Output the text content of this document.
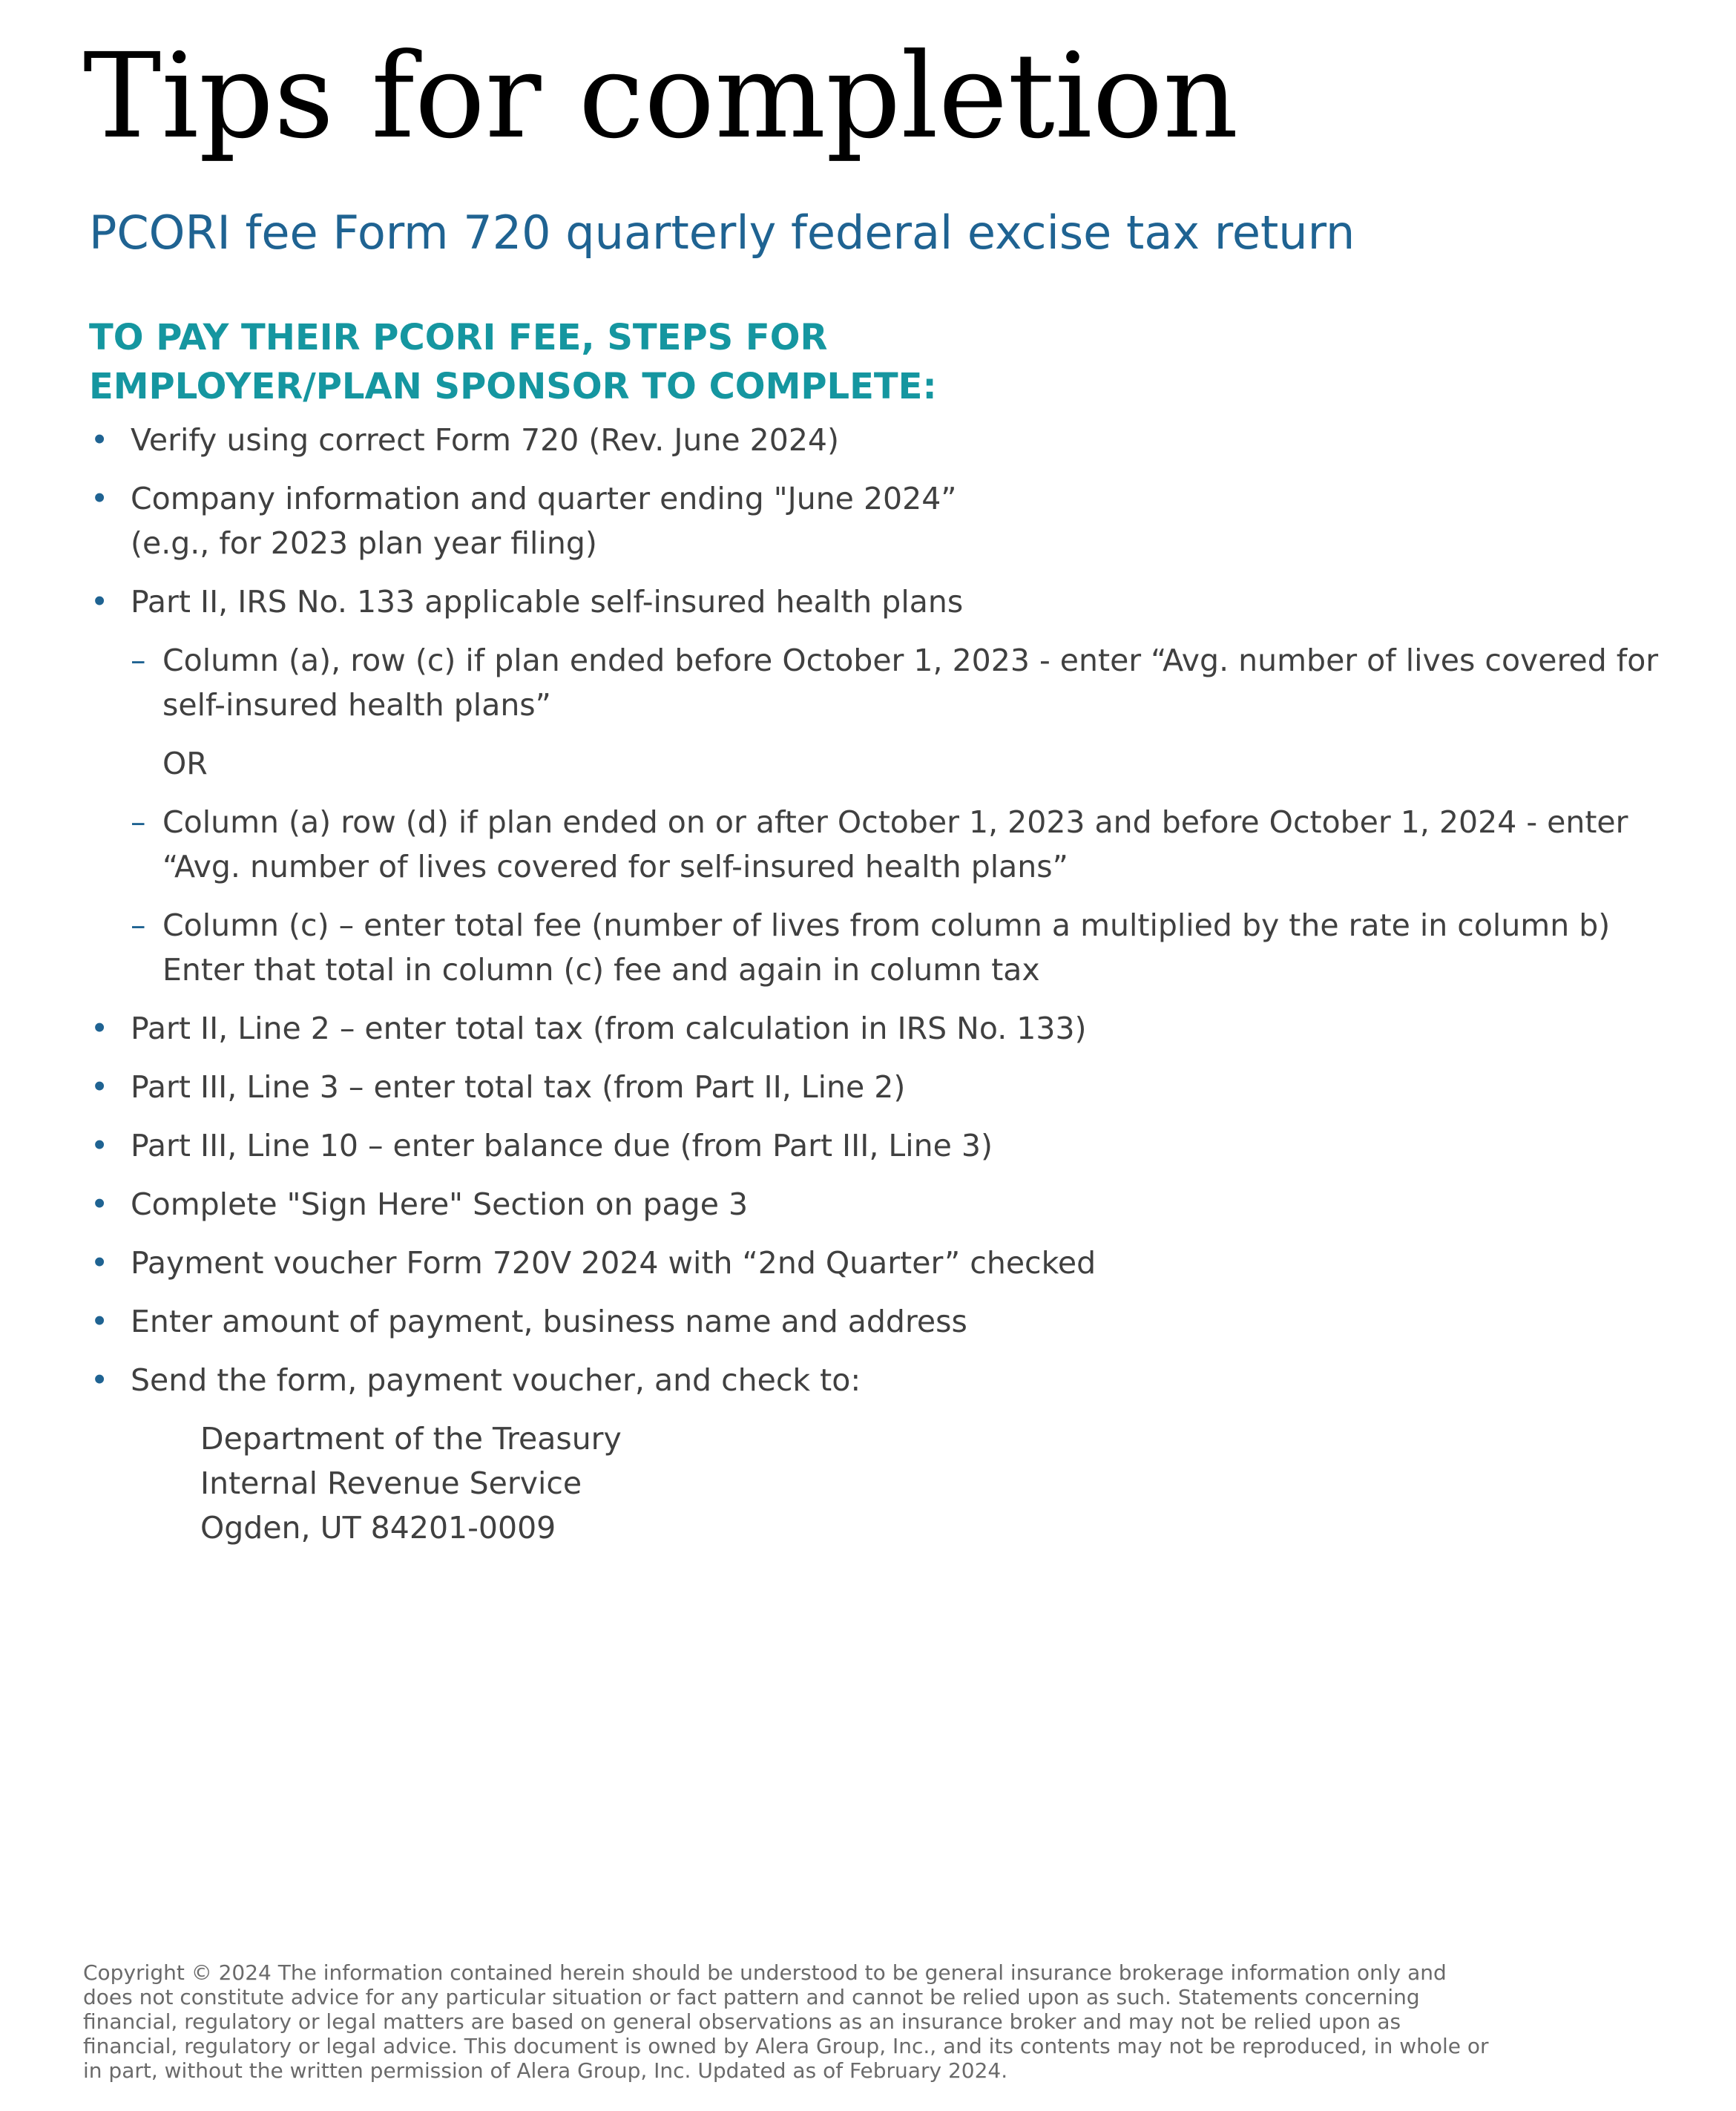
Tips for completion
PCORI fee Form 720 quarterly federal excise tax return
TO PAY THEIR PCORI FEE, STEPS FOR
EMPLOYER/PLAN SPONSOR TO COMPLETE:
• Verify using correct Form 720 (Rev. June 2024)
• Company information and quarter ending "June 2024”
(e.g., for 2023 plan year filing)
• Part II, IRS No. 133 applicable self-insured health plans
– Column (a), row (c) if plan ended before October 1, 2023 - enter “Avg. number of lives covered for self-insured health plans”
OR
– Column (a) row (d) if plan ended on or after October 1, 2023 and before October 1, 2024 - enter “Avg. number of lives covered for self-insured health plans”
– Column (c) – enter total fee (number of lives from column a multiplied by the rate in column b) Enter that total in column (c) fee and again in column tax
• Part II, Line 2 – enter total tax (from calculation in IRS No. 133)
• Part III, Line 3 – enter total tax (from Part II, Line 2)
• Part III, Line 10 – enter balance due (from Part III, Line 3)
• Complete "Sign Here" Section on page 3
• Payment voucher Form 720V 2024 with “2nd Quarter” checked
• Enter amount of payment, business name and address
• Send the form, payment voucher, and check to:
Department of the Treasury
Internal Revenue Service
Ogden, UT 84201-0009

Copyright © 2024 The information contained herein should be understood to be general insurance brokerage information only and
does not constitute advice for any particular situation or fact pattern and cannot be relied upon as such. Statements concerning
financial, regulatory or legal matters are based on general observations as an insurance broker and may not be relied upon as
financial, regulatory or legal advice. This document is owned by Alera Group, Inc., and its contents may not be reproduced, in whole or
in part, without the written permission of Alera Group, Inc. Updated as of February 2024.
